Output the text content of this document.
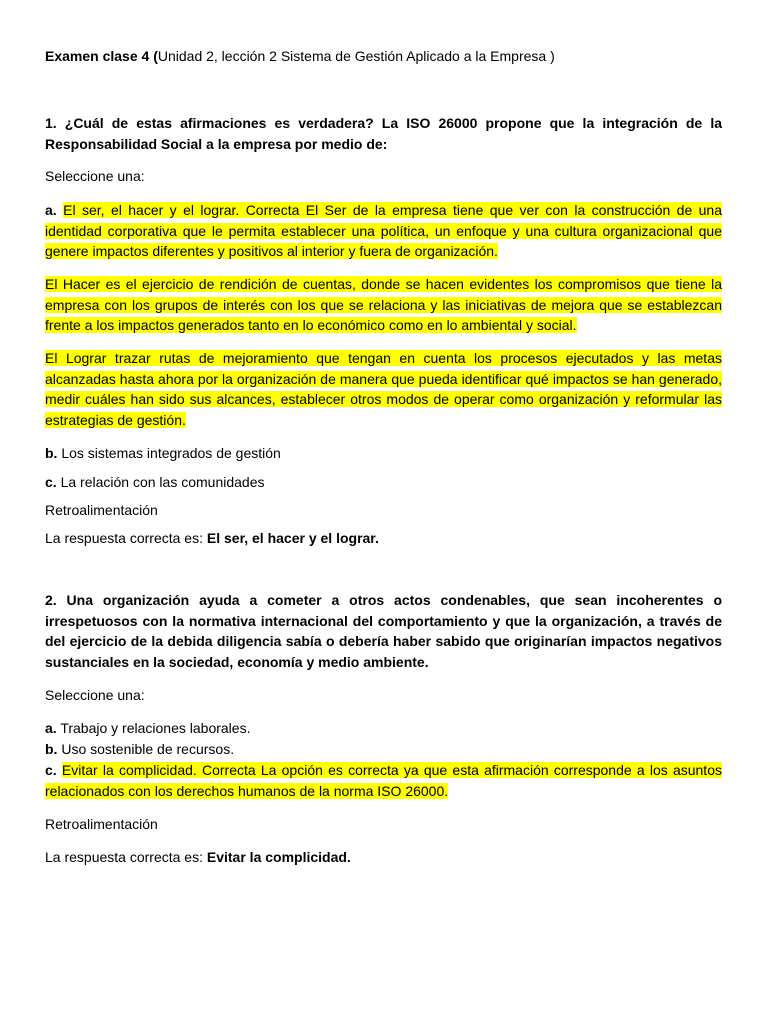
Examen clase 4 (Unidad 2, lección 2 Sistema de Gestión Aplicado a la Empresa )

1. ¿Cuál de estas afirmaciones es verdadera? La ISO 26000 propone que la integración de la Responsabilidad Social a la empresa por medio de:

Seleccione una:

a. El ser, el hacer y el lograr. Correcta El Ser de la empresa tiene que ver con la construcción de una identidad corporativa que le permita establecer una política, un enfoque y una cultura organizacional que genere impactos diferentes y positivos al interior y fuera de organización.

El Hacer es el ejercicio de rendición de cuentas, donde se hacen evidentes los compromisos que tiene la empresa con los grupos de interés con los que se relaciona y las iniciativas de mejora que se establezcan frente a los impactos generados tanto en lo económico como en lo ambiental y social.

El Lograr trazar rutas de mejoramiento que tengan en cuenta los procesos ejecutados y las metas alcanzadas hasta ahora por la organización de manera que pueda identificar qué impactos se han generado, medir cuáles han sido sus alcances, establecer otros modos de operar como organización y reformular las estrategias de gestión.

b. Los sistemas integrados de gestión

c. La relación con las comunidades

Retroalimentación

La respuesta correcta es: El ser, el hacer y el lograr.

2. Una organización ayuda a cometer a otros actos condenables, que sean incoherentes o irrespetuosos con la normativa internacional del comportamiento y que la organización, a través de del ejercicio de la debida diligencia sabía o debería haber sabido que originarían impactos negativos sustanciales en la sociedad, economía y medio ambiente.

Seleccione una:

a. Trabajo y relaciones laborales.

b. Uso sostenible de recursos.

c. Evitar la complicidad. Correcta La opción es correcta ya que esta afirmación corresponde a los asuntos relacionados con los derechos humanos de la norma ISO 26000.

Retroalimentación

La respuesta correcta es: Evitar la complicidad.
